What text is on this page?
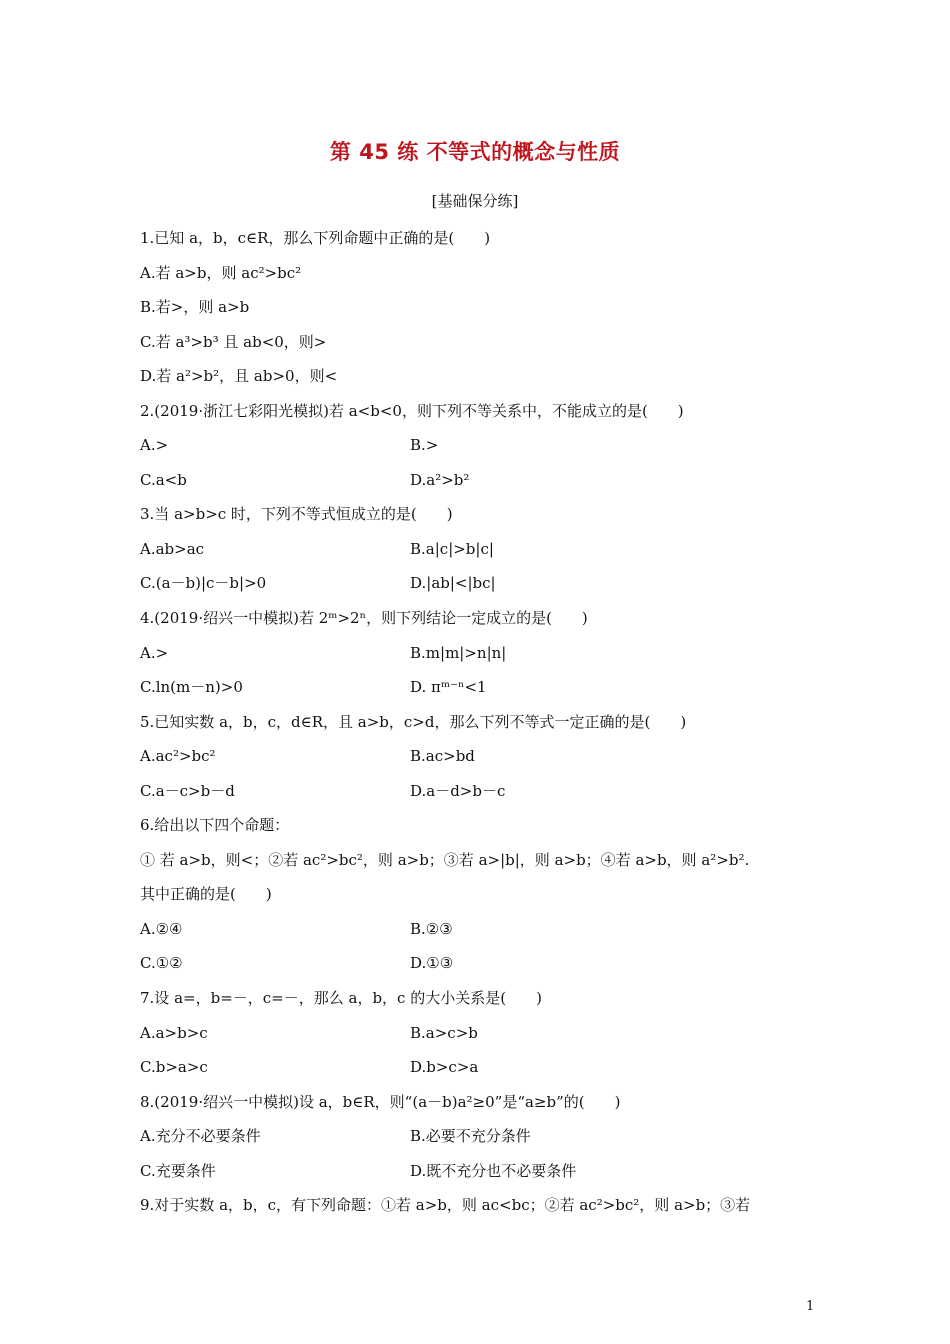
第 45 练 不等式的概念与性质
[基础保分练]
1.已知 a，b，c∈R，那么下列命题中正确的是(　　)
A.若 a>b，则 ac²>bc²
B.若>，则 a>b
C.若 a³>b³ 且 ab<0，则>
D.若 a²>b²，且 ab>0，则<
2.(2019·浙江七彩阳光模拟)若 a<b<0，则下列不等关系中，不能成立的是(　　)
A.>	B.>
C.a<b	D.a²>b²
3.当 a>b>c 时，下列不等式恒成立的是(　　)
A.ab>ac	B.a|c|>b|c|
C.(a－b)|c－b|>0	D.|ab|<|bc|
4.(2019·绍兴一中模拟)若 2ᵐ>2ⁿ，则下列结论一定成立的是(　　)
A.>	B.m|m|>n|n|
C.ln(m－n)>0	D. πᵐ⁻ⁿ<1
5.已知实数 a，b，c，d∈R，且 a>b，c>d，那么下列不等式一定正确的是(　　)
A.ac²>bc²	B.ac>bd
C.a－c>b－d	D.a－d>b－c
6.给出以下四个命题：
① 若 a>b，则<；②若 ac²>bc²，则 a>b；③若 a>|b|，则 a>b；④若 a>b，则 a²>b².
其中正确的是(　　)
A.②④	B.②③
C.①②	D.①③
7.设 a=，b=－，c=－，那么 a，b，c 的大小关系是(　　)
A.a>b>c	B.a>c>b
C.b>a>c	D.b>c>a
8.(2019·绍兴一中模拟)设 a，b∈R，则“(a－b)a²≥0”是“a≥b”的(　　)
A.充分不必要条件	B.必要不充分条件
C.充要条件	D.既不充分也不必要条件
9.对于实数 a，b，c，有下列命题：①若 a>b，则 ac<bc；②若 ac²>bc²，则 a>b；③若
1
